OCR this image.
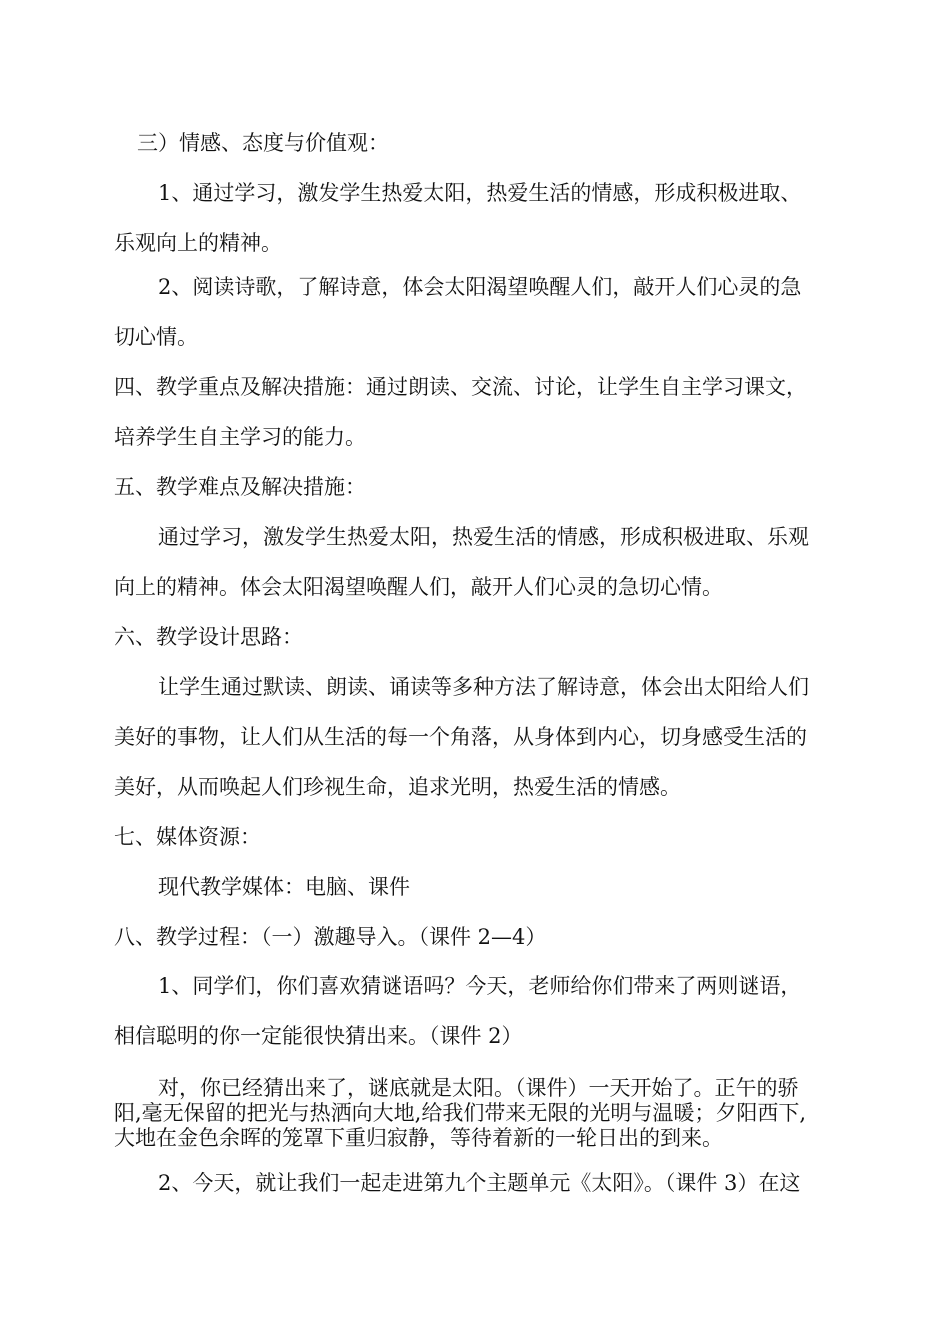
三）情感、态度与价值观：
1、通过学习，激发学生热爱太阳，热爱生活的情感，形成积极进取、
乐观向上的精神。
2、阅读诗歌，了解诗意，体会太阳渴望唤醒人们，敲开人们心灵的急
切心情。
四、教学重点及解决措施：通过朗读、交流、讨论，让学生自主学习课文，
培养学生自主学习的能力。
五、教学难点及解决措施：
通过学习，激发学生热爱太阳，热爱生活的情感，形成积极进取、乐观
向上的精神。体会太阳渴望唤醒人们，敲开人们心灵的急切心情。
六、教学设计思路：
让学生通过默读、朗读、诵读等多种方法了解诗意，体会出太阳给人们
美好的事物，让人们从生活的每一个角落，从身体到内心，切身感受生活的
美好，从而唤起人们珍视生命，追求光明，热爱生活的情感。
七、媒体资源：
现代教学媒体：电脑、课件
八、教学过程：（一）激趣导入。（课件 2—4）
1、同学们，你们喜欢猜谜语吗？今天，老师给你们带来了两则谜语，
相信聪明的你一定能很快猜出来。（课件 2）
对，你已经猜出来了，谜底就是太阳。（课件）一天开始了。正午的骄
阳,毫无保留的把光与热洒向大地,给我们带来无限的光明与温暖；夕阳西下,
大地在金色余晖的笼罩下重归寂静，等待着新的一轮日出的到来。
2、今天，就让我们一起走进第九个主题单元《太阳》。（课件 3）在这
